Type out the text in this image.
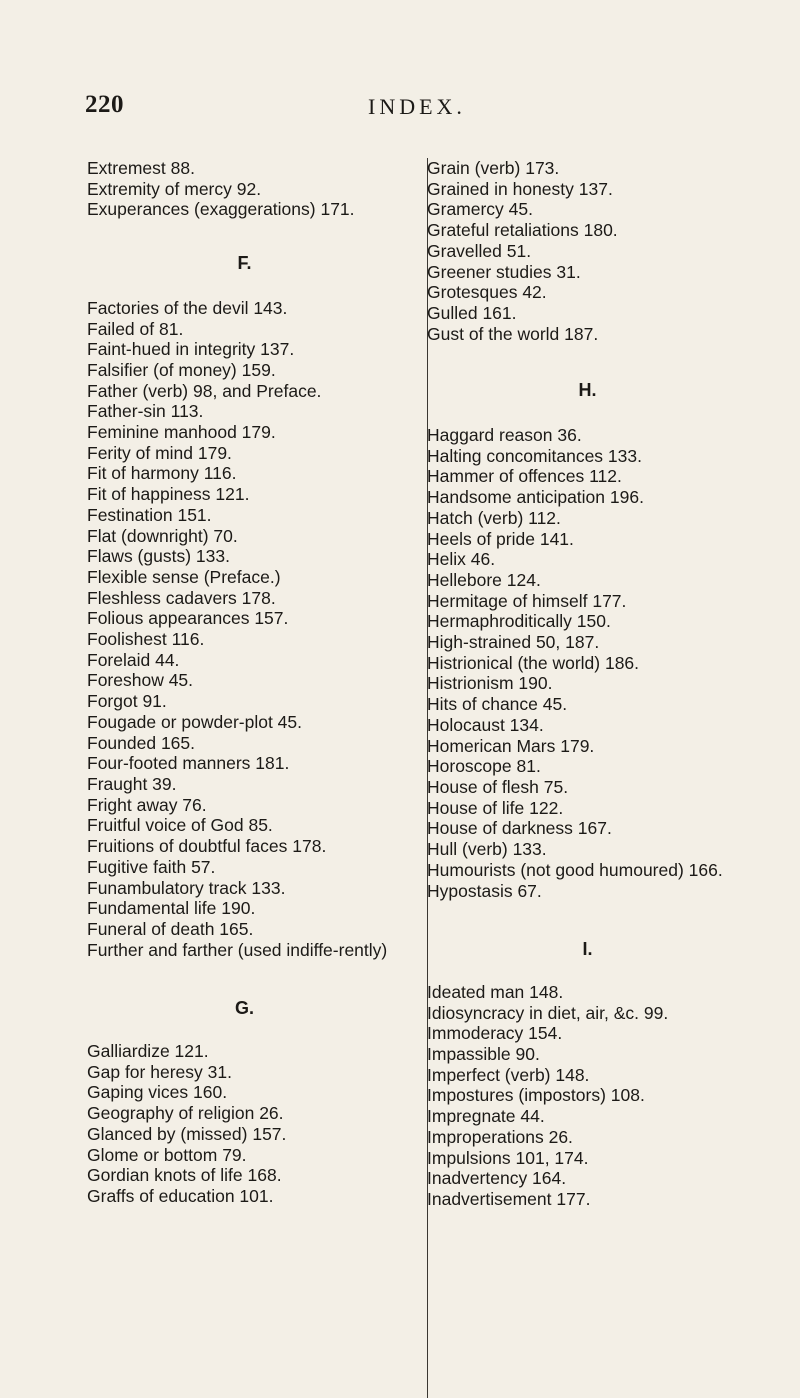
220	INDEX.

Extremest 88.

Extremity of mercy 92.

Exuperances (exaggerations) 171.

F.

Factories of the devil 143.

Failed of 81.

Faint-hued in integrity 137.

Falsifier (of money) 159.

Father (verb) 98, and Preface.

Father-sin 113.

Feminine manhood 179.

Ferity of mind 179.

Fit of harmony 116.

Fit of happiness 121.

Festination 151.

Flat (downright) 70.

Flaws (gusts) 133.

Flexible sense (Preface.)

Fleshless cadavers 178.

Folious appearances 157.

Foolishest 116.

Forelaid 44.

Foreshow 45.

Forgot 91.

Fougade or powder-plot 45.

Founded 165.

Four-footed manners 181.

Fraught 39.

Fright away 76.

Fruitful voice of God 85.

Fruitions of doubtful faces 178.

Fugitive faith 57.

Funambulatory track 133.

Fundamental life 190.

Funeral of death 165.

Further and farther (used indiffe-rently)

G.

Galliardize 121.

Gap for heresy 31.

Gaping vices 160.

Geography of religion 26.

Glanced by (missed) 157.

Glome or bottom 79.

Gordian knots of life 168.

Graffs of education 101.

Grain (verb) 173.

Grained in honesty 137.

Gramercy 45.

Grateful retaliations 180.

Gravelled 51.

Greener studies 31.

Grotesques 42.

Gulled 161.

Gust of the world 187.

H.

Haggard reason 36.

Halting concomitances 133.

Hammer of offences 112.

Handsome anticipation 196.

Hatch (verb) 112.

Heels of pride 141.

Helix 46.

Hellebore 124.

Hermitage of himself 177.

Hermaphroditically 150.

High-strained 50, 187.

Histrionical (the world) 186.

Histrionism 190.

Hits of chance 45.

Holocaust 134.

Homerican Mars 179.

Horoscope 81.

House of flesh 75.

House of life 122.

House of darkness 167.

Hull (verb) 133.

Humourists (not good humoured) 166.

Hypostasis 67.

I.

Ideated man 148.

Idiosyncracy in diet, air, &c. 99.

Immoderacy 154.

Impassible 90.

Imperfect (verb) 148.

Impostures (impostors) 108.

Impregnate 44.

Improperations 26.

Impulsions 101, 174.

Inadvertency 164.

Inadvertisement 177.
